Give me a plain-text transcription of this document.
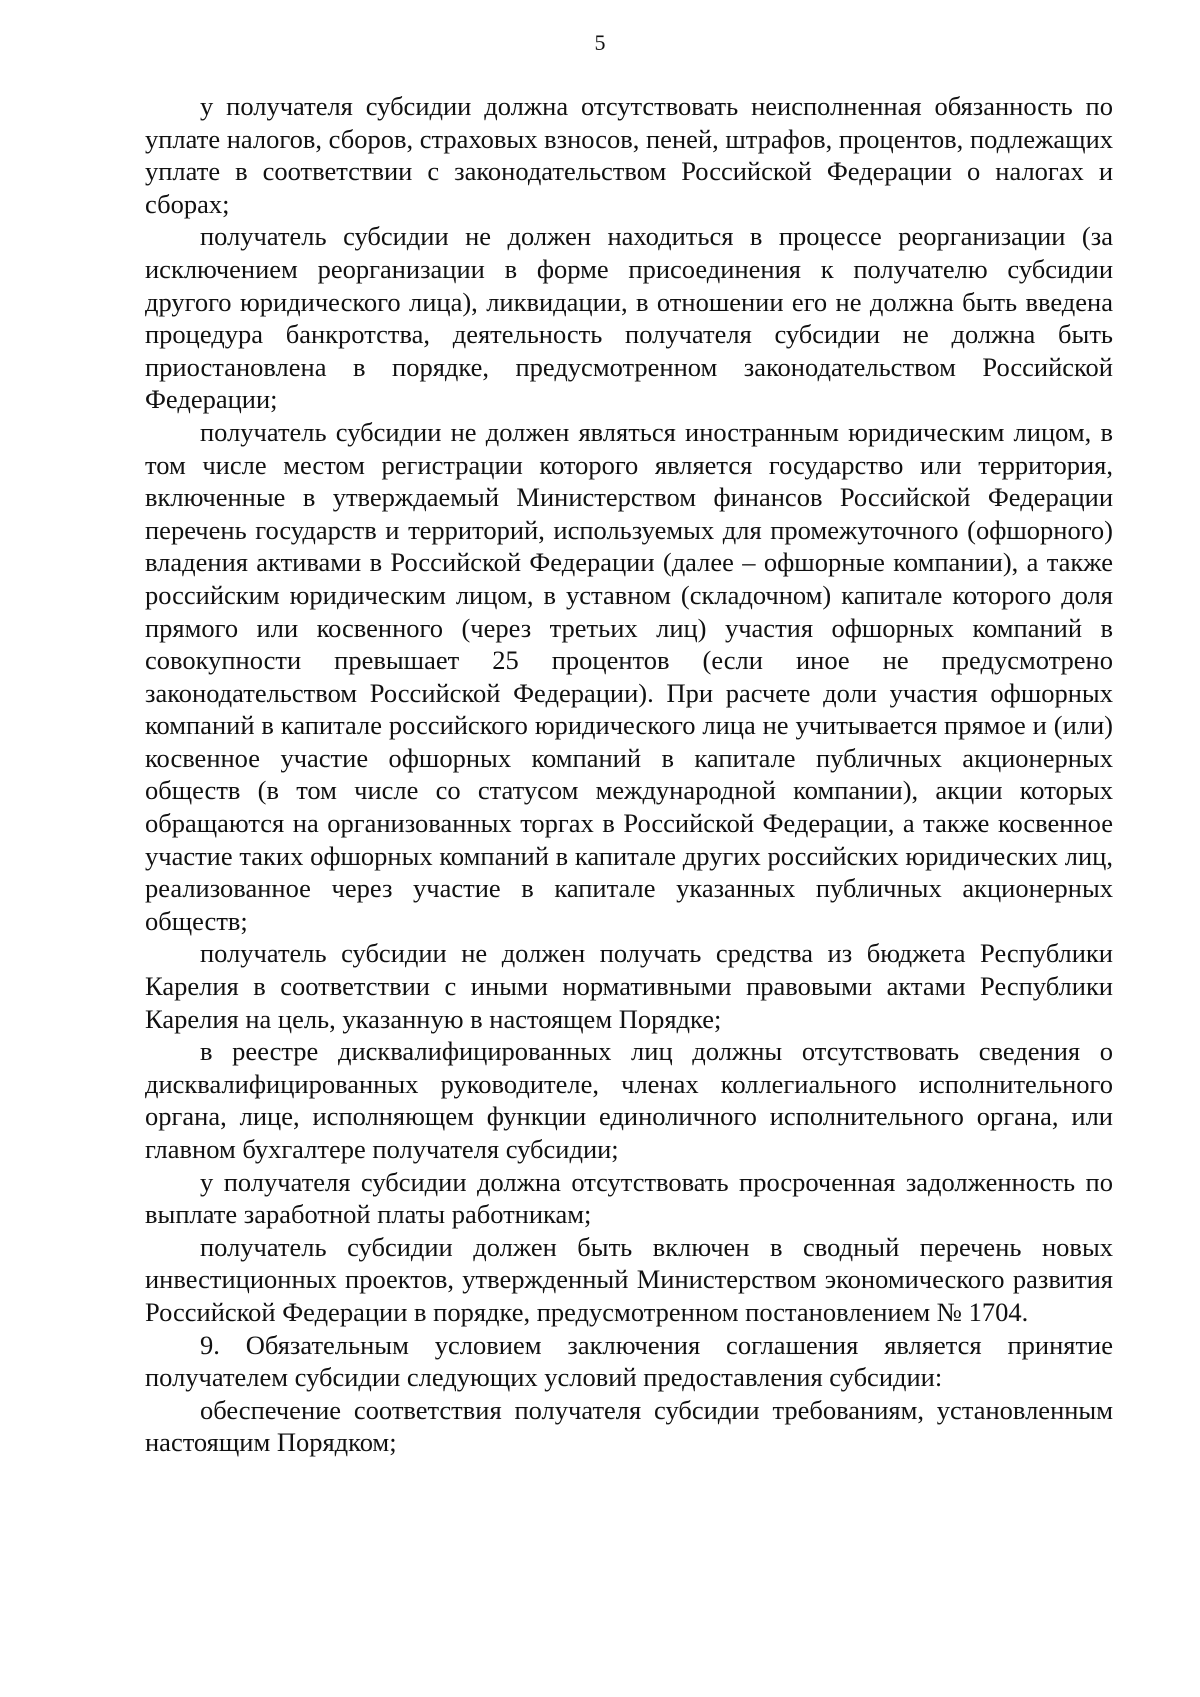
5

у получателя субсидии должна отсутствовать неисполненная обязанность по уплате налогов, сборов, страховых взносов, пеней, штрафов, процентов, подлежащих уплате в соответствии с законодательством Российской Федерации о налогах и сборах;

получатель субсидии не должен находиться в процессе реорганизации (за исключением реорганизации в форме присоединения к получателю субсидии другого юридического лица), ликвидации, в отношении его не должна быть введена процедура банкротства, деятельность получателя субсидии не должна быть приостановлена в порядке, предусмотренном законодательством Российской Федерации;

получатель субсидии не должен являться иностранным юридическим лицом, в том числе местом регистрации которого является государство или территория, включенные в утверждаемый Министерством финансов Российской Федерации перечень государств и территорий, используемых для промежуточного (офшорного) владения активами в Российской Федерации (далее – офшорные компании), а также российским юридическим лицом, в уставном (складочном) капитале которого доля прямого или косвенного (через третьих лиц) участия офшорных компаний в совокупности превышает 25 процентов (если иное не предусмотрено законодательством Российской Федерации). При расчете доли участия офшорных компаний в капитале российского юридического лица не учитывается прямое и (или) косвенное участие офшорных компаний в капитале публичных акционерных обществ (в том числе со статусом международной компании), акции которых обращаются на организованных торгах в Российской Федерации, а также косвенное участие таких офшорных компаний в капитале других российских юридических лиц, реализованное через участие в капитале указанных публичных акционерных обществ;

получатель субсидии не должен получать средства из бюджета Республики Карелия в соответствии с иными нормативными правовыми актами Республики Карелия на цель, указанную в настоящем Порядке;

в реестре дисквалифицированных лиц должны отсутствовать сведения о дисквалифицированных руководителе, членах коллегиального исполнительного органа, лице, исполняющем функции единоличного исполнительного органа, или главном бухгалтере получателя субсидии;

у получателя субсидии должна отсутствовать просроченная задолженность по выплате заработной платы работникам;

получатель субсидии должен быть включен в сводный перечень новых инвестиционных проектов, утвержденный Министерством экономического развития Российской Федерации в порядке, предусмотренном постановлением № 1704.

9. Обязательным условием заключения соглашения является принятие получателем субсидии следующих условий предоставления субсидии:

обеспечение соответствия получателя субсидии требованиям, установленным настоящим Порядком;
